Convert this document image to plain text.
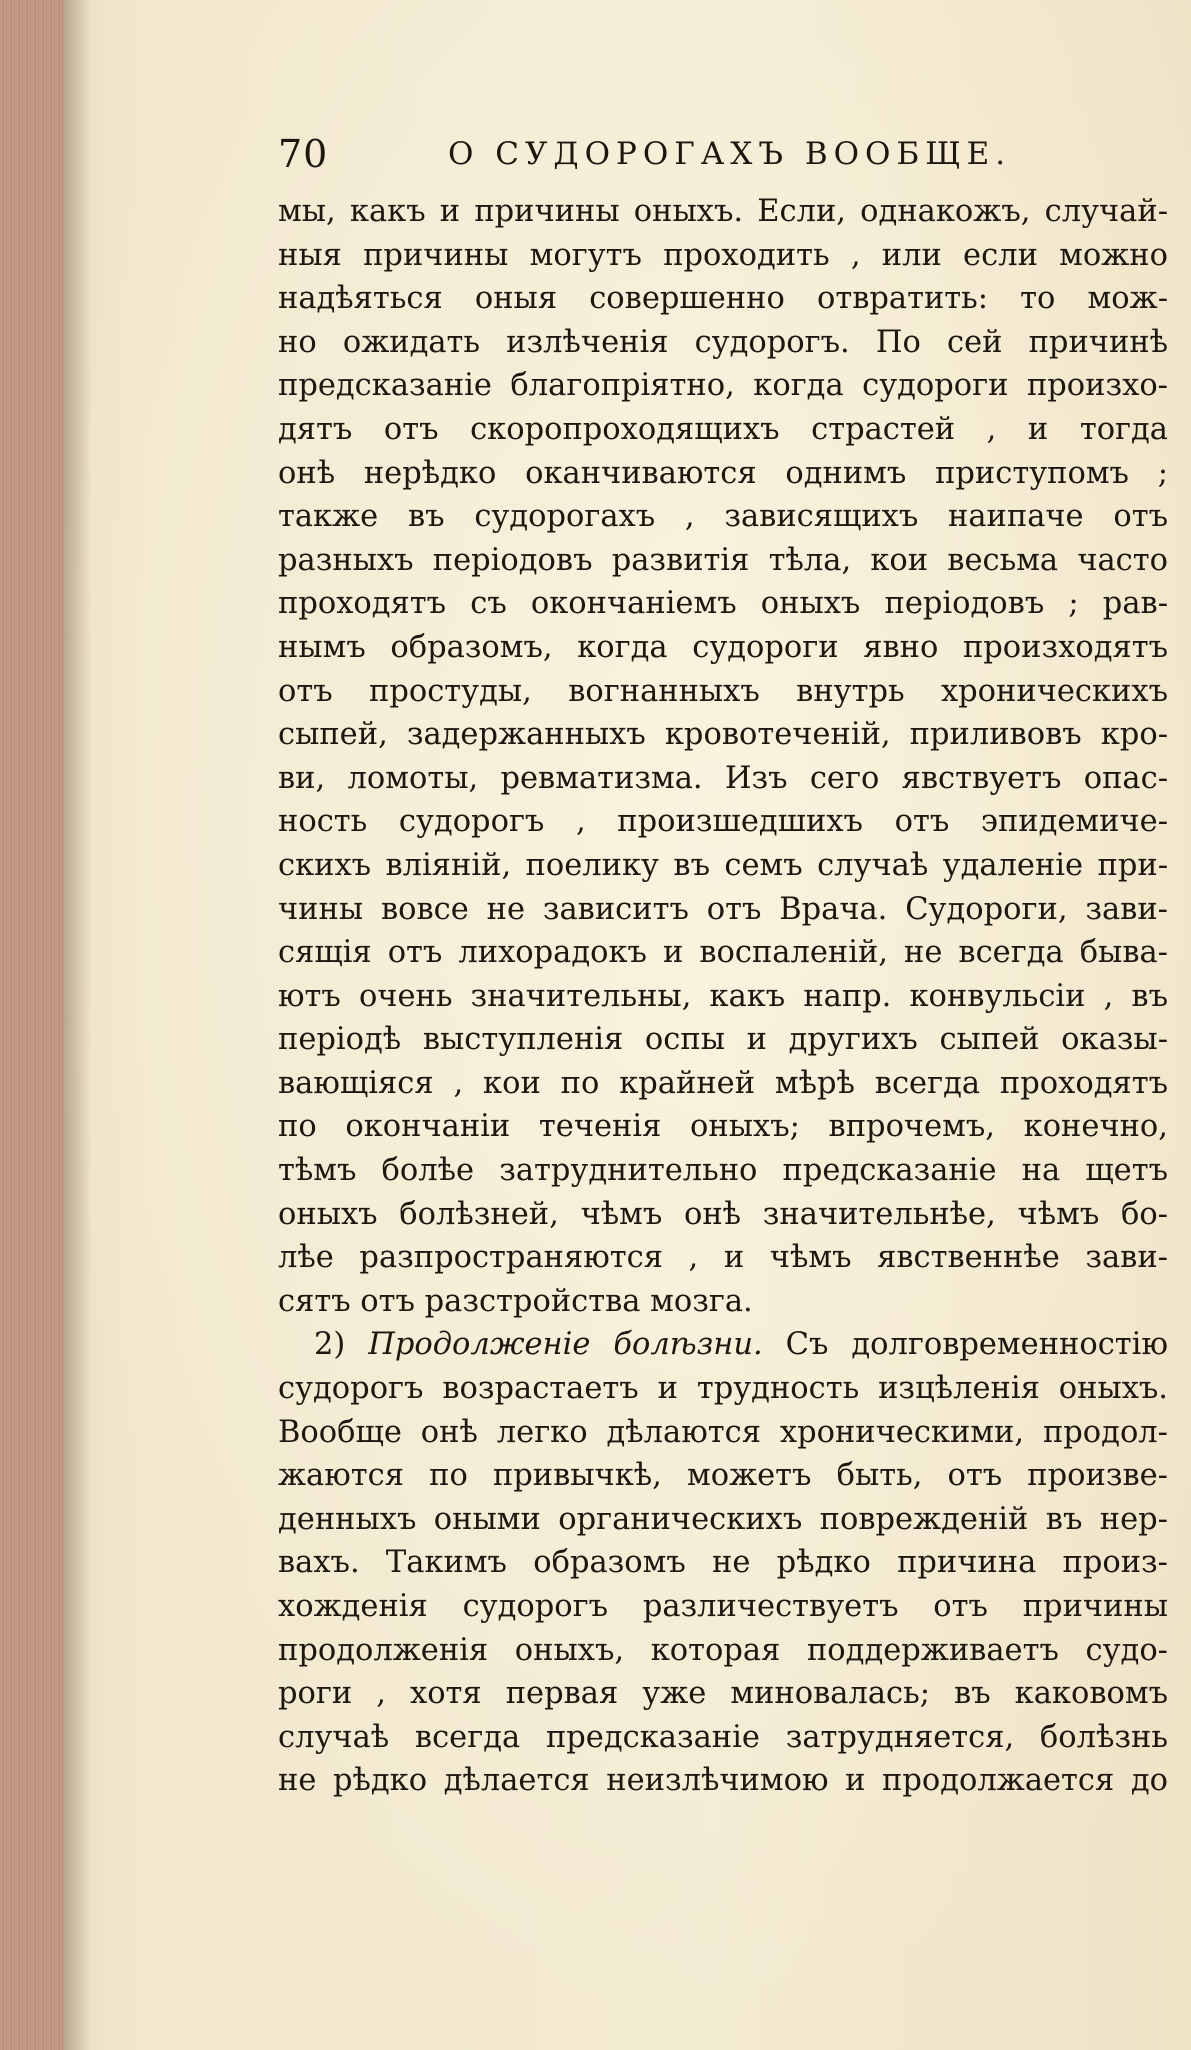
70	О СУДОРОГАХЪ ВООБЩЕ.
мы, какъ и причины оныхъ. Если, однакожъ, случай-
ныя причины могутъ проходить , или если можно
надѣяться оныя совершенно отвратить: то мож-
но ожидать излѣченія судорогъ. По сей причинѣ
предсказаніе благопріятно, когда судороги произхо-
дятъ отъ скоропроходящихъ страстей , и тогда
онѣ нерѣдко оканчиваются однимъ приступомъ ;
также въ судорогахъ , зависящихъ наипаче отъ
разныхъ періодовъ развитія тѣла, кои весьма часто
проходятъ съ окончаніемъ оныхъ періодовъ ; рав-
нымъ образомъ, когда судороги явно произходятъ
отъ простуды, вогнанныхъ внутрь хроническихъ
сыпей, задержанныхъ кровотеченій, приливовъ кро-
ви, ломоты, ревматизма. Изъ сего явствуетъ опас-
ность судорогъ , произшедшихъ отъ эпидемиче-
скихъ вліяній, поелику въ семъ случаѣ удаленіе при-
чины вовсе не зависитъ отъ Врача. Судороги, зави-
сящія отъ лихорадокъ и воспаленій, не всегда быва-
ютъ очень значительны, какъ напр. конвульсіи , въ
періодѣ выступленія оспы и другихъ сыпей оказы-
вающіяся , кои по крайней мѣрѣ всегда проходятъ
по окончаніи теченія оныхъ; впрочемъ, конечно,
тѣмъ болѣе затруднительно предсказаніе на щетъ
оныхъ болѣзней, чѣмъ онѣ значительнѣе, чѣмъ бо-
лѣе разпространяются , и чѣмъ явственнѣе зави-
сятъ отъ разстройства мозга.
2) Продолженіе болѣзни. Съ долговременностію
судорогъ возрастаетъ и трудность изцѣленія оныхъ.
Вообще онѣ легко дѣлаются хроническими, продол-
жаются по привычкѣ, можетъ быть, отъ произве-
денныхъ оными органическихъ поврежденій въ нер-
вахъ. Такимъ образомъ не рѣдко причина произ-
хожденія судорогъ различествуетъ отъ причины
продолженія оныхъ, которая поддерживаетъ судо-
роги , хотя первая уже миновалась; въ каковомъ
случаѣ всегда предсказаніе затрудняется, болѣзнь
не рѣдко дѣлается неизлѣчимою и продолжается до
